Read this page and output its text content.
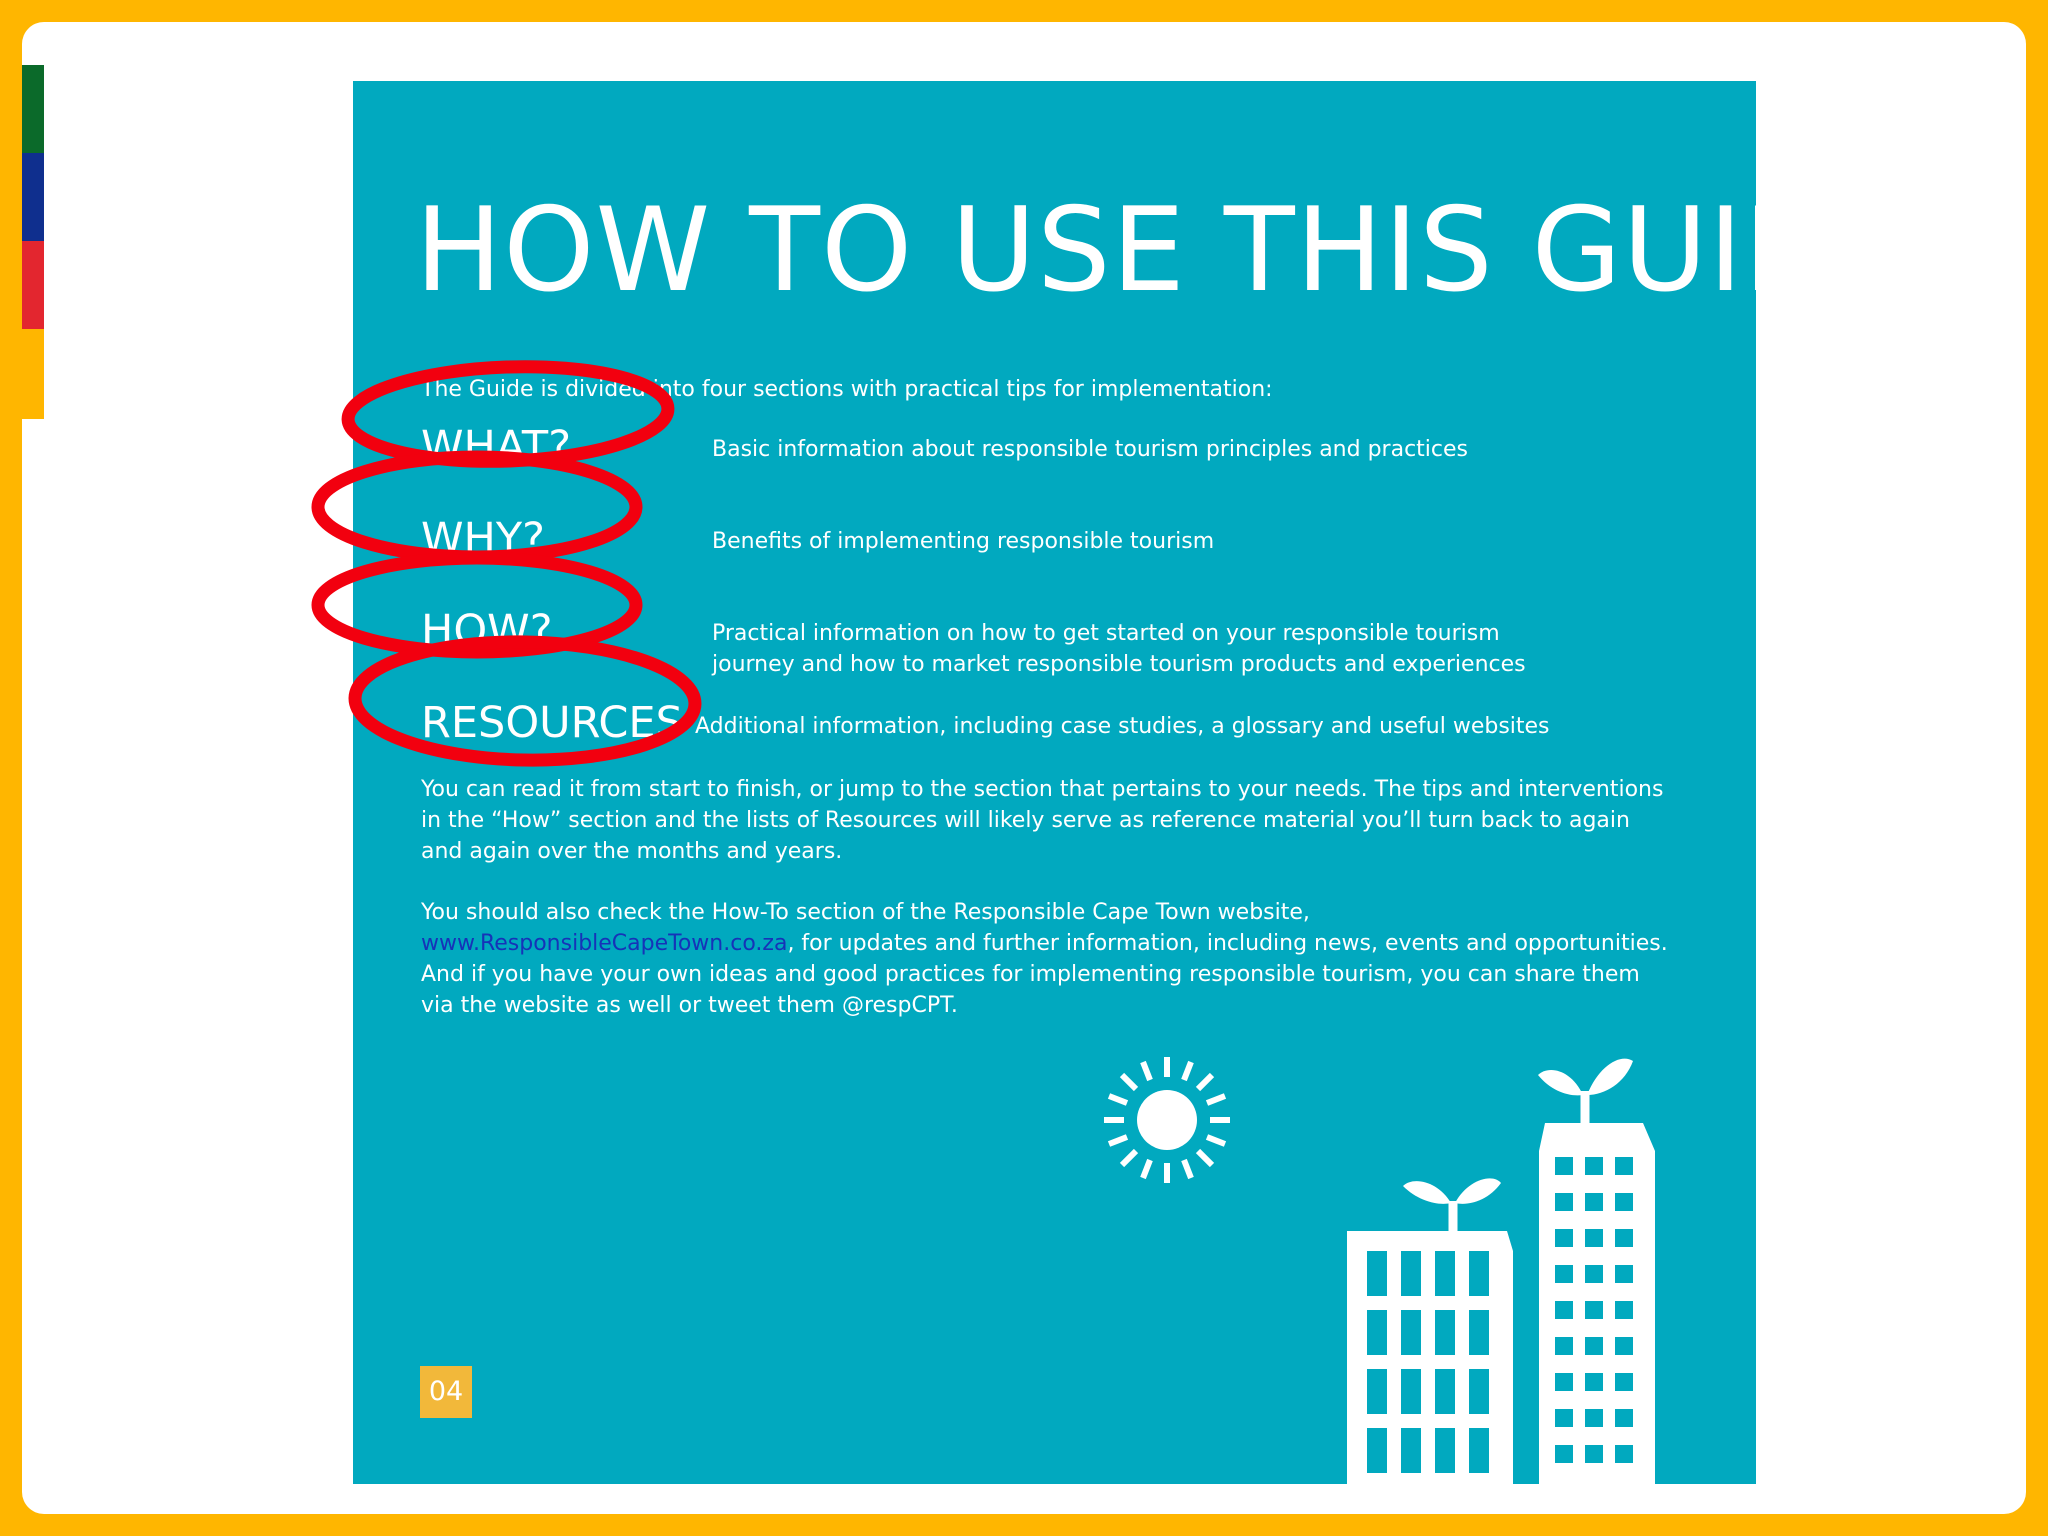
HOW TO USE THIS GUIDE
The Guide is divided into four sections with practical tips for implementation:
WHAT?	Basic information about responsible tourism principles and practices
WHY?	Benefits of implementing responsible tourism
HOW?	Practical information on how to get started on your responsible tourism
journey and how to market responsible tourism products and experiences
RESOURCES Additional information, including case studies, a glossary and useful websites
You can read it from start to finish, or jump to the section that pertains to your needs. The tips and interventions in the “How” section and the lists of Resources will likely serve as reference material you’ll turn back to again and again over the months and years.
You should also check the How-To section of the Responsible Cape Town website, www.ResponsibleCapeTown.co.za, for updates and further information, including news, events and opportunities. And if you have your own ideas and good practices for implementing responsible tourism, you can share them via the website as well or tweet them @respCPT.
04
